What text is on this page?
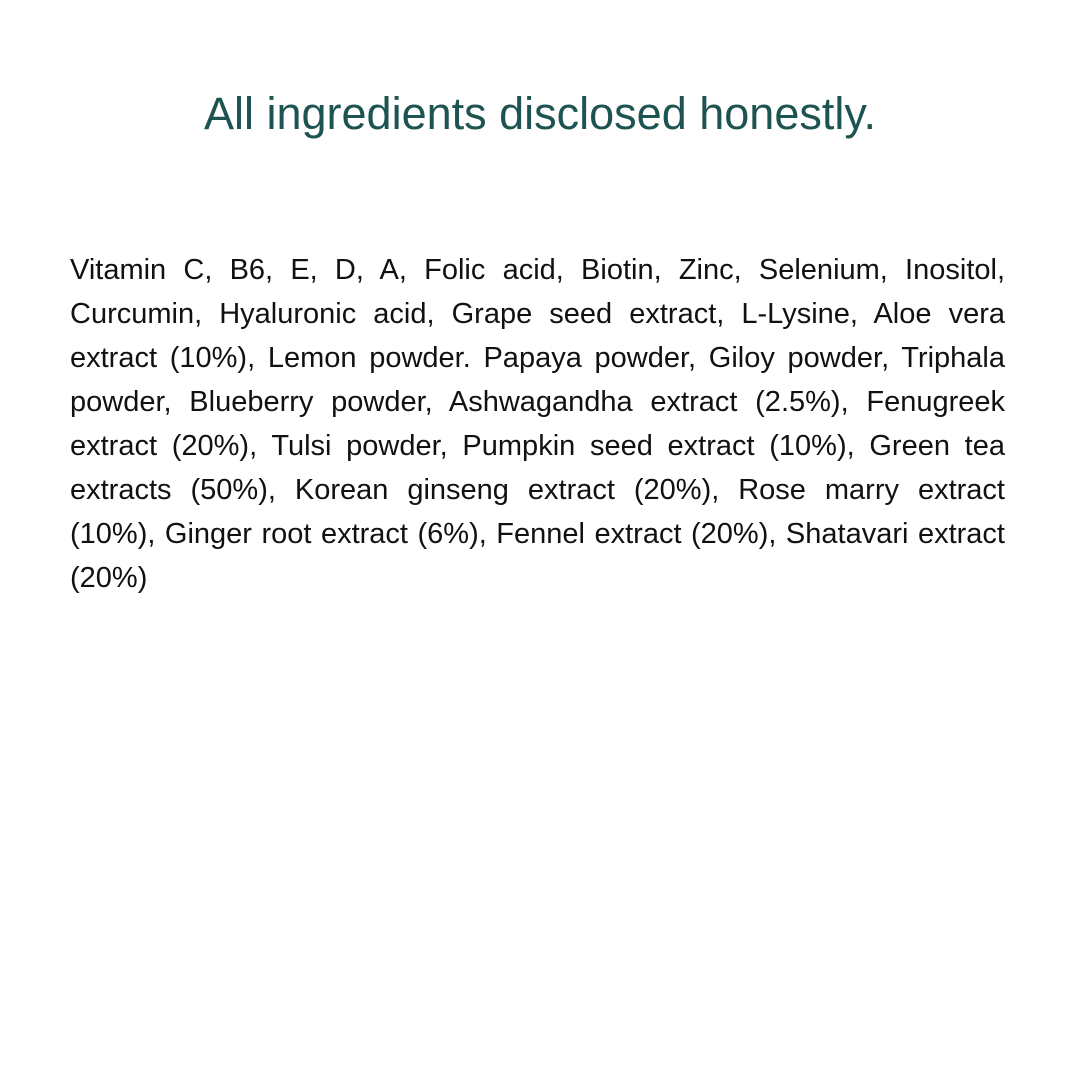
All ingredients disclosed honestly.

Vitamin C, B6, E, D, A, Folic acid, Biotin, Zinc, Selenium, Inositol, Curcumin, Hyaluronic acid, Grape seed extract, L-Lysine, Aloe vera extract (10%), Lemon powder. Papaya powder, Giloy powder, Triphala powder, Blueberry powder, Ashwagandha extract (2.5%), Fenugreek extract (20%), Tulsi powder, Pumpkin seed extract (10%), Green tea extracts (50%), Korean ginseng extract (20%), Rose marry extract (10%), Ginger root extract (6%), Fennel extract (20%), Shatavari extract (20%)
